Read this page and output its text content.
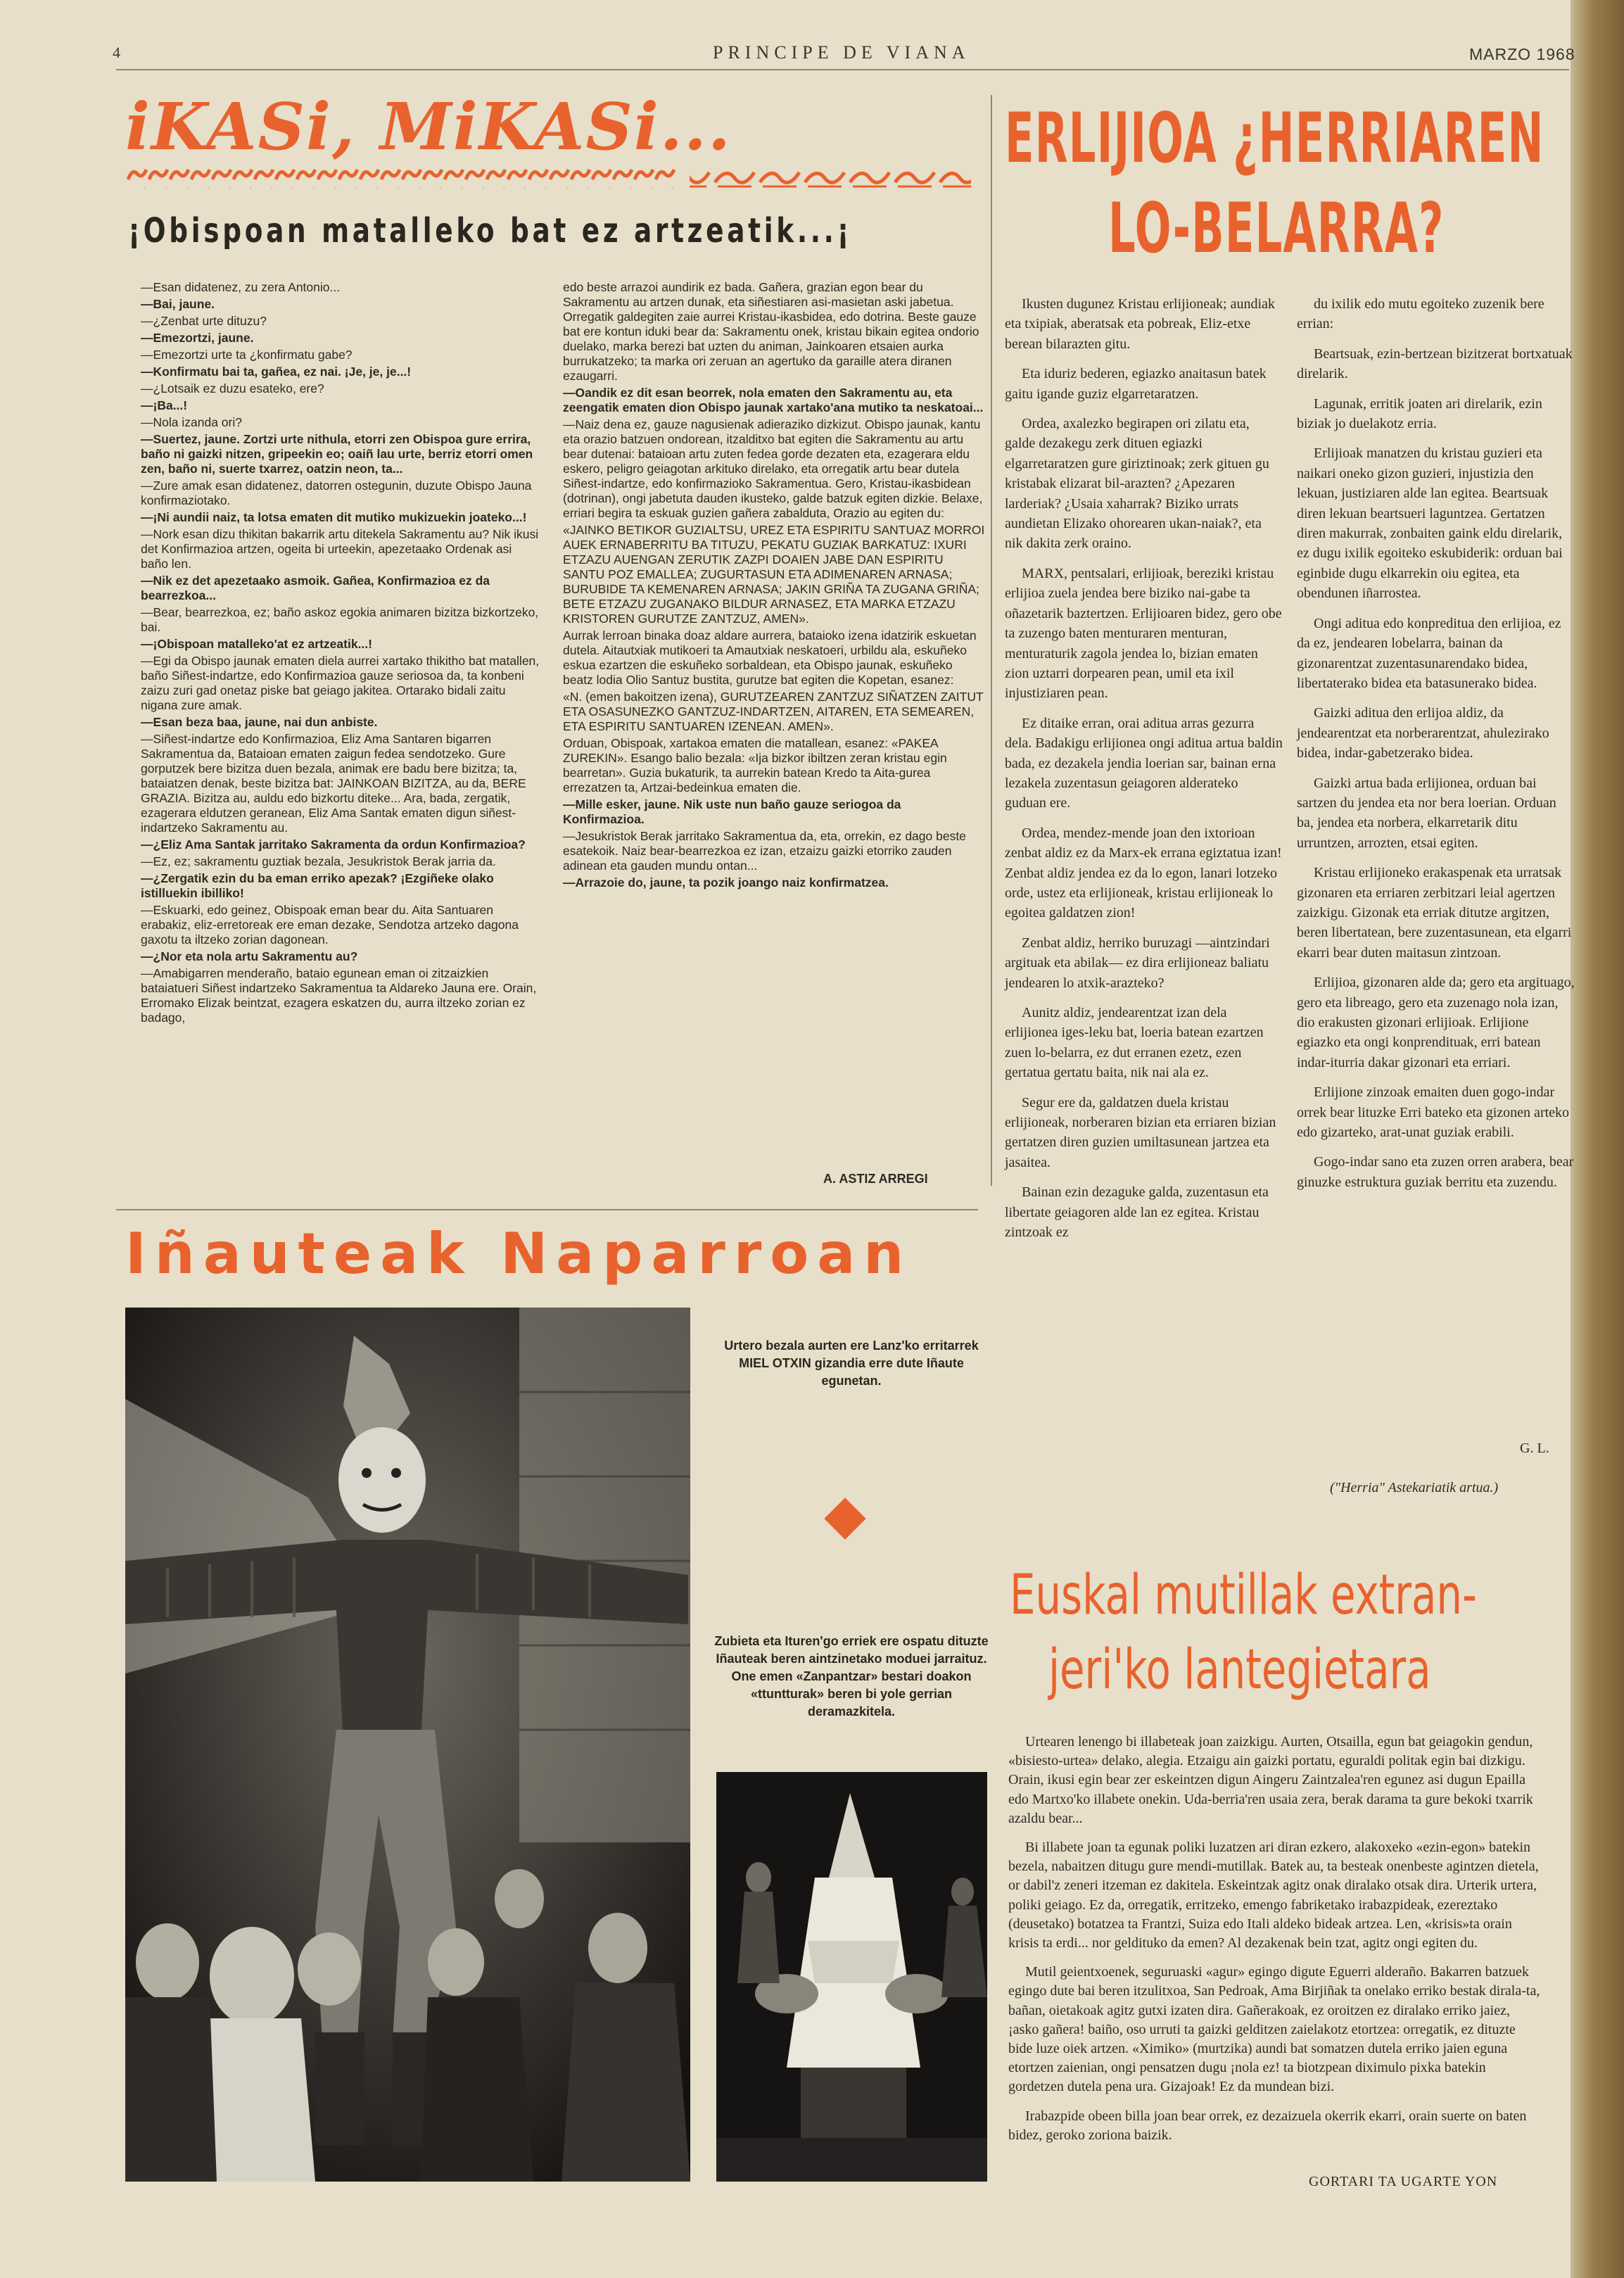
4	PRINCIPE DE VIANA	MARZO 1968
iKASi, MiKASi...
¡Obispoan matalleko bat ez artzeatik...¡

—Esan didatenez, zu zera Antonio...

—Bai, jaune.

—¿Zenbat urte dituzu?

—Emezortzi, jaune.

—Emezortzi urte ta ¿konfirmatu gabe?

—Konfirmatu bai ta, gañea, ez nai. ¡Je, je, je...!

—¿Lotsaik ez duzu esateko, ere?

—¡Ba...!

—Nola izanda ori?

—Suertez, jaune. Zortzi urte nithula, etorri zen Obispoa gure errira, baño ni gaizki nitzen, gripeekin eo; oaiñ lau urte, berriz etorri omen zen, baño ni, suerte txarrez, oatzin neon, ta...

—Zure amak esan didatenez, datorren ostegunin, duzute Obispo Jauna konfirmaziotako.

—¡Ni aundii naiz, ta lotsa ematen dit mutiko mukizuekin joateko...!

—Nork esan dizu thikitan bakarrik artu ditekela Sakramentu au? Nik ikusi det Konfirmazioa artzen, ogeita bi urteekin, apezetaako Ordenak asi baño len.

—Nik ez det apezetaako asmoik. Gañea, Konfirmazioa ez da bearrezkoa...

—Bear, bearrezkoa, ez; baño askoz egokia animaren bizitza bizkortzeko, bai.

—¡Obispoan matalleko'at ez artzeatik...!

—Egi da Obispo jaunak ematen diela aurrei xartako thikitho bat matallen, baño Siñest-indartze, edo Konfirmazioa gauze seriosoa da, ta konbeni zaizu zuri gad onetaz piske bat geiago jakitea. Ortarako bidali zaitu nigana zure amak.

—Esan beza baa, jaune, nai dun anbiste.

—Siñest-indartze edo Konfirmazioa, Eliz Ama Santaren bigarren Sakramentua da, Bataioan ematen zaigun fedea sendotzeko. Gure gorputzek bere bizitza duen bezala, animak ere badu bere bizitza; ta, bataiatzen denak, beste bizitza bat: JAINKOAN BIZITZA, au da, BERE GRAZIA. Bizitza au, auldu edo bizkortu diteke... Ara, bada, zergatik, ezagerara eldutzen geranean, Eliz Ama Santak ematen digun siñest-indartzeko Sakramentu au.

—¿Eliz Ama Santak jarritako Sakramenta da ordun Konfirmazioa?

—Ez, ez; sakramentu guztiak bezala, Jesukristok Berak jarria da.

—¿Zergatik ezin du ba eman erriko apezak? ¡Ezgiñeke olako istilluekin ibilliko!

—Eskuarki, edo geinez, Obispoak eman bear du. Aita Santuaren erabakiz, eliz-erretoreak ere eman dezake, Sendotza artzeko dagona gaxotu ta iltzeko zorian dagonean.

—¿Nor eta nola artu Sakramentu au?

—Amabigarren menderaño, bataio egunean eman oi zitzaizkien bataiatueri Siñest indartzeko Sakramentua ta Aldareko Jauna ere. Orain, Erromako Elizak beintzat, ezagera eskatzen du, aurra iltzeko zorian ez badago,

edo beste arrazoi aundirik ez bada. Gañera, grazian egon bear du Sakramentu au artzen dunak, eta siñestiaren asi-masietan aski jabetua. Orregatik galdegiten zaie aurrei Kristau-ikasbidea, edo dotrina. Beste gauze bat ere kontun iduki bear da: Sakramentu onek, kristau bikain egitea ondorio duelako, marka berezi bat uzten du animan, Jainkoaren etsaien aurka burrukatzeko; ta marka ori zeruan an agertuko da garaille atera diranen ezaugarri.

—Oandik ez dit esan beorrek, nola ematen den Sakramentu au, eta zeengatik ematen dion Obispo jaunak xartako'ana mutiko ta neskatoai...

—Naiz dena ez, gauze nagusienak adieraziko dizkizut. Obispo jaunak, kantu eta orazio batzuen ondorean, itzalditxo bat egiten die Sakramentu au artu bear dutenai: bataioan artu zuten fedea gorde dezaten eta, ezagerara eldu eskero, peligro geiagotan arkituko direlako, eta orregatik artu bear dutela Siñest-indartze, edo konfirmazioko Sakramentua. Gero, Kristau-ikasbidean (dotrinan), ongi jabetuta dauden ikusteko, galde batzuk egiten dizkie. Belaxe, erriari begira ta eskuak guzien gañera zabalduta, Orazio au egiten du:

«JAINKO BETIKOR GUZIALTSU, UREZ ETA ESPIRITU SANTUAZ MORROI AUEK ERNABERRITU BA TITUZU, PEKATU GUZIAK BARKATUZ: IXURI ETZAZU AUENGAN ZERUTIK ZAZPI DOAIEN JABE DAN ESPIRITU SANTU POZ EMALLEA; ZUGURTASUN ETA ADIMENAREN ARNASA; BURUBIDE TA KEMENAREN ARNASA; JAKIN GRIÑA TA ZUGANA GRIÑA; BETE ETZAZU ZUGANAKO BILDUR ARNASEZ, ETA MARKA ETZAZU KRISTOREN GURUTZE ZANTZUZ, AMEN».

Aurrak lerroan binaka doaz aldare aurrera, bataioko izena idatzirik eskuetan dutela. Aitautxiak mutikoeri ta Amautxiak neskatoeri, urbildu ala, eskuñeko eskua ezartzen die eskuñeko sorbaldean, eta Obispo jaunak, eskuñeko beatz lodia Olio Santuz bustita, gurutze bat egiten die Kopetan, esanez:

«N. (emen bakoitzen izena), GURUTZEAREN ZANTZUZ SIÑATZEN ZAITUT ETA OSASUNEZKO GANTZUZ-INDARTZEN, AITAREN, ETA SEMEAREN, ETA ESPIRITU SANTUAREN IZENEAN. AMEN».

Orduan, Obispoak, xartakoa ematen die matallean, esanez: «PAKEA ZUREKIN». Esango balio bezala: «Ija bizkor ibiltzen zeran kristau egin bearretan». Guzia bukaturik, ta aurrekin batean Kredo ta Aita-gurea errezatzen ta, Artzai-bedeinkua ematen die.

—Mille esker, jaune. Nik uste nun baño gauze seriogoa da Konfirmazioa.

—Jesukristok Berak jarritako Sakramentua da, eta, orrekin, ez dago beste esatekoik. Naiz bear-bearrezkoa ez izan, etzaizu gaizki etorriko zauden adinean eta gauden mundu ontan...

—Arrazoie do, jaune, ta pozik joango naiz konfirmatzea.

A. ASTIZ ARREGI
ERLIJIOA ¿HERRIAREN
LO-BELARRA?

Ikusten dugunez Kristau erlijioneak; aundiak eta txipiak, aberatsak eta pobreak, Eliz-etxe berean bilarazten gitu.

Eta iduriz bederen, egiazko anaitasun batek gaitu igande guziz elgarretaratzen.

Ordea, axalezko begirapen ori zilatu eta, galde dezakegu zerk dituen egiazki elgarretaratzen gure giriztinoak; zerk gituen gu kristabak elizarat bil-arazten? ¿Apezaren larderiak? ¿Usaia xaharrak? Biziko urrats aundietan Elizako ohorearen ukan-naiak?, eta nik dakita zerk oraino.

MARX, pentsalari, erlijioak, bereziki kristau erlijioa zuela jendea bere biziko nai-gabe ta oñazetarik baztertzen. Erlijioaren bidez, gero obe ta zuzengo baten menturaren menturan, menturaturik zagola jendea lo, bizian ematen zion uztarri dorpearen pean, umil eta ixil injustiziaren pean.

Ez ditaike erran, orai aditua arras gezurra dela. Badakigu erlijionea ongi aditua artua baldin bada, ez dezakela jendia loerian sar, bainan erna lezakela zuzentasun geiagoren alderateko guduan ere.

Ordea, mendez-mende joan den ixtorioan zenbat aldiz ez da Marx-ek errana egiztatua izan! Zenbat aldiz jendea ez da lo egon, lanari lotzeko orde, ustez eta erlijioneak, kristau erlijioneak lo egoitea galdatzen zion!

Zenbat aldiz, herriko buruzagi —aintzindari argituak eta abilak— ez dira erlijioneaz baliatu jendearen lo atxik-arazteko?

Aunitz aldiz, jendearentzat izan dela erlijionea iges-leku bat, loeria batean ezartzen zuen lo-belarra, ez dut erranen ezetz, ezen gertatua gertatu baita, nik nai ala ez.

Segur ere da, galdatzen duela kristau erlijioneak, norberaren bizian eta erriaren bizian gertatzen diren guzien umiltasunean jartzea eta jasaitea.

Bainan ezin dezaguke galda, zuzentasun eta libertate geiagoren alde lan ez egitea. Kristau zintzoak ez

du ixilik edo mutu egoiteko zuzenik bere errian:

Beartsuak, ezin-bertzean bizitzerat bortxatuak direlarik.

Lagunak, erritik joaten ari direlarik, ezin biziak jo duelakotz erria.

Erlijioak manatzen du kristau guzieri eta naikari oneko gizon guzieri, injustizia den lekuan, justiziaren alde lan egitea. Beartsuak diren lekuan beartsueri laguntzea. Gertatzen diren makurrak, zonbaiten gaink eldu direlarik, ez dugu ixilik egoiteko eskubiderik: orduan bai eginbide dugu elkarrekin oiu egitea, eta obendunen iñarrostea.

Ongi aditua edo konpreditua den erlijioa, ez da ez, jendearen lobelarra, bainan da gizonarentzat zuzentasunarendako bidea, libertaterako bidea eta batasunerako bidea.

Gaizki aditua den erlijoa aldiz, da jendearentzat eta norberarentzat, ahulezirako bidea, indar-gabetzerako bidea.

Gaizki artua bada erlijionea, orduan bai sartzen du jendea eta nor bera loerian. Orduan ba, jendea eta norbera, elkarretarik ditu urruntzen, arrozten, etsai egiten.

Kristau erlijioneko erakaspenak eta urratsak gizonaren eta erriaren zerbitzari leial agertzen zaizkigu. Gizonak eta erriak ditutze argitzen, beren libertatean, bere zuzentasunean, eta elgarri ekarri bear duten maitasun zintzoan.

Erlijioa, gizonaren alde da; gero eta argituago, gero eta libreago, gero eta zuzenago nola izan, dio erakusten gizonari erlijioak. Erlijione egiazko eta ongi konprendituak, erri batean indar-iturria dakar gizonari eta erriari.

Erlijione zinzoak emaiten duen gogo-indar orrek bear lituzke Erri bateko eta gizonen arteko edo gizarteko, arat-unat guziak erabili.

Gogo-indar sano eta zuzen orren arabera, bear ginuzke estruktura guziak berritu eta zuzendu.

G. L.
("Herria" Astekariatik artua.)
Iñauteak Naparroan
Urtero bezala aurten ere Lanz'ko erritarrek MIEL OTXIN gizandia erre dute Iñaute egunetan.
Zubieta eta Ituren'go erriek ere ospatu dituzte Iñauteak beren aintzinetako moduei jarraituz. One emen «Zanpantzar» bestari doakon «ttuntturak» beren bi yole gerrian deramazkitela.
Euskal mutillak extran-
jeri'ko lantegietara

Urtearen lenengo bi illabeteak joan zaizkigu. Aurten, Otsailla, egun bat geiagokin gendun, «bisiesto-urtea» delako, alegia. Etzaigu ain gaizki portatu, eguraldi politak egin bai dizkigu. Orain, ikusi egin bear zer eskeintzen digun Aingeru Zaintzalea'ren egunez asi dugun Epailla edo Martxo'ko illabete onekin. Uda-berria'ren usaia zera, berak darama ta gure bekoki txarrik azaldu bear...

Bi illabete joan ta egunak poliki luzatzen ari diran ezkero, alakoxeko «ezin-egon» batekin bezela, nabaitzen ditugu gure mendi-mutillak. Batek au, ta besteak onenbeste agintzen dietela, or dabil'z zeneri itzeman ez dakitela. Eskeintzak agitz onak diralako otsak dira. Urterik urtera, poliki geiago. Ez da, orregatik, erritzeko, emengo fabriketako irabazpideak, ezereztako (deusetako) botatzea ta Frantzi, Suiza edo Itali aldeko bideak artzea. Len, «krisis»ta orain krisis ta erdi... nor geldituko da emen? Al dezakenak bein tzat, agitz ongi egiten du.

Mutil geientxoenek, seguruaski «agur» egingo digute Eguerri alderaño. Bakarren batzuek egingo dute bai beren itzulitxoa, San Pedroak, Ama Birjiñak ta onelako erriko bestak dirala-ta, bañan, oietakoak agitz gutxi izaten dira. Gañerakoak, ez oroitzen ez diralako erriko jaiez, ¡asko gañera! baiño, oso urruti ta gaizki gelditzen zaielakotz etortzea: orregatik, ez dituzte bide luze oiek artzen. «Ximiko» (murtzika) aundi bat somatzen dutela erriko jaien eguna etortzen zaienian, ongi pensatzen dugu ¡nola ez! ta biotzpean diximulo pixka batekin gordetzen dutela pena ura. Gizajoak! Ez da mundean bizi.

Irabazpide obeen billa joan bear orrek, ez dezaizuela okerrik ekarri, orain suerte on baten bidez, geroko zoriona baizik.

GORTARI TA UGARTE YON
